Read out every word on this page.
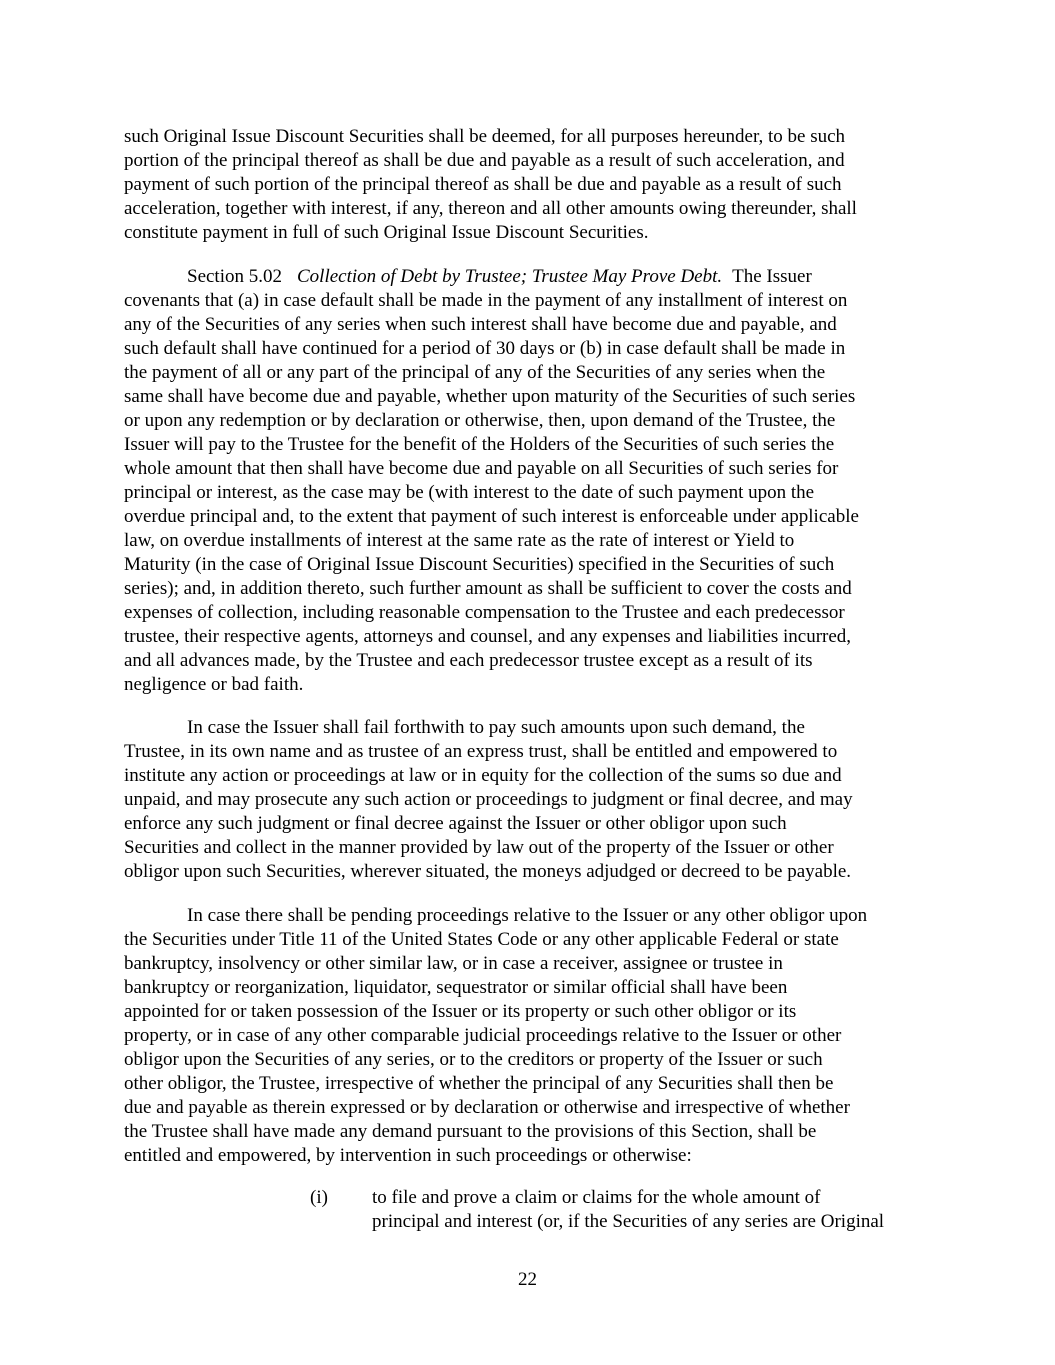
such Original Issue Discount Securities shall be deemed, for all purposes hereunder, to be such
portion of the principal thereof as shall be due and payable as a result of such acceleration, and
payment of such portion of the principal thereof as shall be due and payable as a result of such
acceleration, together with interest, if any, thereon and all other amounts owing thereunder, shall
constitute payment in full of such Original Issue Discount Securities.
Section 5.02 Collection of Debt by Trustee; Trustee May Prove Debt. The Issuer
covenants that (a) in case default shall be made in the payment of any installment of interest on
any of the Securities of any series when such interest shall have become due and payable, and
such default shall have continued for a period of 30 days or (b) in case default shall be made in
the payment of all or any part of the principal of any of the Securities of any series when the
same shall have become due and payable, whether upon maturity of the Securities of such series
or upon any redemption or by declaration or otherwise, then, upon demand of the Trustee, the
Issuer will pay to the Trustee for the benefit of the Holders of the Securities of such series the
whole amount that then shall have become due and payable on all Securities of such series for
principal or interest, as the case may be (with interest to the date of such payment upon the
overdue principal and, to the extent that payment of such interest is enforceable under applicable
law, on overdue installments of interest at the same rate as the rate of interest or Yield to
Maturity (in the case of Original Issue Discount Securities) specified in the Securities of such
series); and, in addition thereto, such further amount as shall be sufficient to cover the costs and
expenses of collection, including reasonable compensation to the Trustee and each predecessor
trustee, their respective agents, attorneys and counsel, and any expenses and liabilities incurred,
and all advances made, by the Trustee and each predecessor trustee except as a result of its
negligence or bad faith.
In case the Issuer shall fail forthwith to pay such amounts upon such demand, the
Trustee, in its own name and as trustee of an express trust, shall be entitled and empowered to
institute any action or proceedings at law or in equity for the collection of the sums so due and
unpaid, and may prosecute any such action or proceedings to judgment or final decree, and may
enforce any such judgment or final decree against the Issuer or other obligor upon such
Securities and collect in the manner provided by law out of the property of the Issuer or other
obligor upon such Securities, wherever situated, the moneys adjudged or decreed to be payable.
In case there shall be pending proceedings relative to the Issuer or any other obligor upon
the Securities under Title 11 of the United States Code or any other applicable Federal or state
bankruptcy, insolvency or other similar law, or in case a receiver, assignee or trustee in
bankruptcy or reorganization, liquidator, sequestrator or similar official shall have been
appointed for or taken possession of the Issuer or its property or such other obligor or its
property, or in case of any other comparable judicial proceedings relative to the Issuer or other
obligor upon the Securities of any series, or to the creditors or property of the Issuer or such
other obligor, the Trustee, irrespective of whether the principal of any Securities shall then be
due and payable as therein expressed or by declaration or otherwise and irrespective of whether
the Trustee shall have made any demand pursuant to the provisions of this Section, shall be
entitled and empowered, by intervention in such proceedings or otherwise:
(i) to file and prove a claim or claims for the whole amount of
principal and interest (or, if the Securities of any series are Original
22
